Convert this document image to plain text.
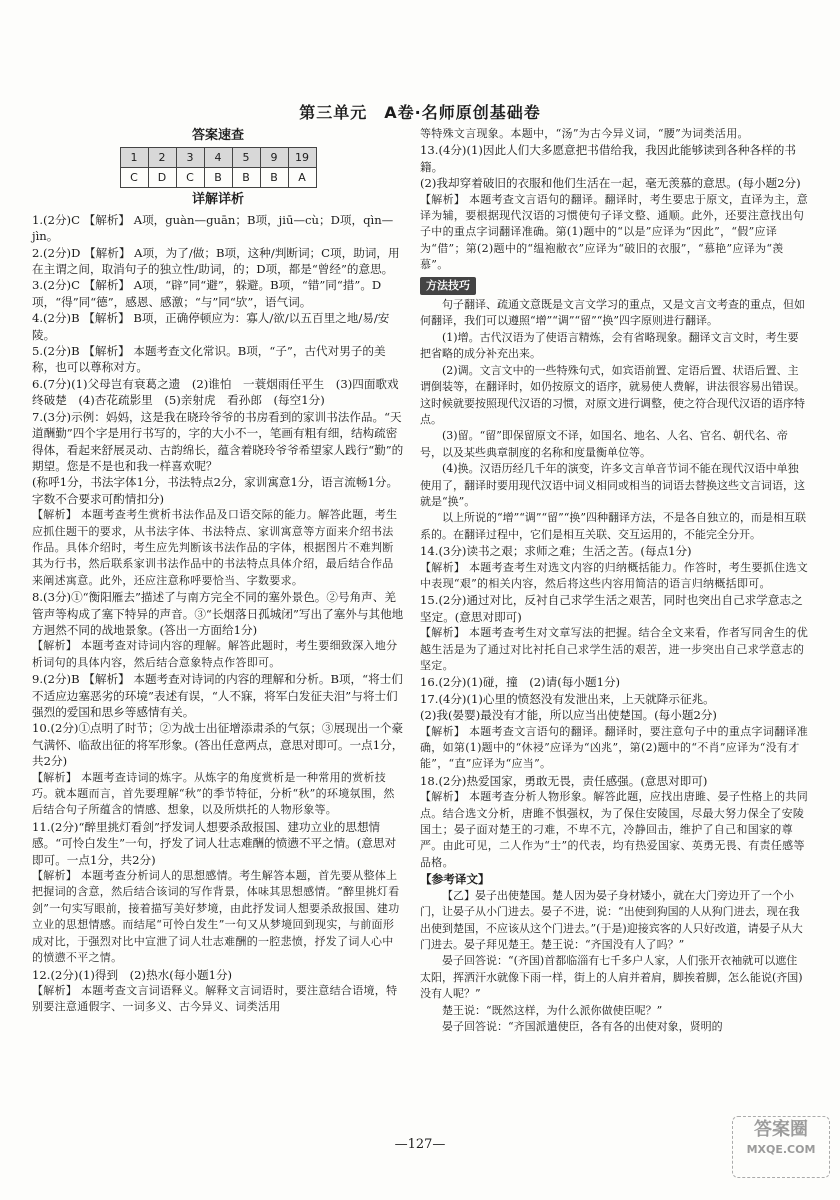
第三单元　A卷·名师原创基础卷
答案速查
1	2	3	4	5	9	19
C	D	C	B	B	B	A
详解详析

1.(2分)C 【解析】 A项，guàn—guān；B项，jiū—cù；D项，qìn—jìn。

2.(2分)D 【解析】 A项，为了/做；B项，这种/判断词；C项，助词，用在主谓之间，取消句子的独立性/助词，的；D项，都是“曾经”的意思。

3.(2分)C 【解析】 A项，“辟”同“避”，躲避。B项，“错”同“措”。D项，“得”同“德”，感恩、感激；“与”同“欤”，语气词。

4.(2分)B 【解析】 B项，正确停顿应为：寡人/欲/以五百里之地/易/安陵。

5.(2分)B 【解析】 本题考查文化常识。B项，“子”，古代对男子的美称，也可以尊称对方。

6.(7分)(1)父母岂有衰葛之遗　(2)谁怕　一蓑烟雨任平生　(3)四面歌戏终破楚　(4)杏花疏影里　(5)亲射虎　看孙郎　(每空1分)

7.(3分)示例：妈妈，这是我在晓玲爷爷的书房看到的家训书法作品。“天道酬勤”四个字是用行书写的，字的大小不一，笔画有粗有细，结构疏密得体，看起来舒展灵动、古韵绵长，蕴含着晓玲爷爷希望家人践行“勤”的期望。您是不是也和我一样喜欢呢？

(称呼1分，书法字体1分，书法特点2分，家训寓意1分，语言流畅1分。字数不合要求可酌情扣分)

【解析】 本题考查考生赏析书法作品及口语交际的能力。解答此题，考生应抓住题干的要求，从书法字体、书法特点、家训寓意等方面来介绍书法作品。具体介绍时，考生应先判断该书法作品的字体，根据图片不难判断其为行书，然后联系家训书法作品中的书法特点具体介绍，最后结合作品来阐述寓意。此外，还应注意称呼要恰当、字数要求。

8.(3分)①“衡阳雁去”描述了与南方完全不同的塞外景色。②号角声、羌管声等构成了塞下特异的声音。③“长烟落日孤城闭”写出了塞外与其他地方迥然不同的战地景象。(答出一方面给1分)

【解析】 本题考查对诗词内容的理解。解答此题时，考生要细致深入地分析词句的具体内容，然后结合意象特点作答即可。

9.(2分)B 【解析】 本题考查对诗词的内容的理解和分析。B项，“将士们不适应边塞恶劣的环境”表述有误，“人不寐，将军白发征夫泪”与将士们强烈的爱国和思乡等感情有关。

10.(2分)①点明了时节；②为战士出征增添肃杀的气氛；③展现出一个豪气满怀、临敌出征的将军形象。(答出任意两点，意思对即可。一点1分，共2分)

【解析】 本题考查诗词的炼字。从炼字的角度赏析是一种常用的赏析技巧。就本题而言，首先要理解“秋”的季节特征，分析“秋”的环境氛围，然后结合句子所蕴含的情感、想象，以及所烘托的人物形象等。

11.(2分)“醉里挑灯看剑”抒发词人想要杀敌报国、建功立业的思想情感。“可怜白发生”一句，抒发了词人壮志难酬的愤懑不平之情。(意思对即可。一点1分，共2分)

【解析】 本题考查分析词人的思想感情。考生解答本题，首先要从整体上把握词的含意，然后结合该词的写作背景，体味其思想感情。“醉里挑灯看剑”一句实写眼前，接着描写美好梦境，由此抒发词人想要杀敌报国、建功立业的思想情感。而结尾“可怜白发生”一句又从梦境回到现实，与前面形成对比，于强烈对比中宣泄了词人壮志难酬的一腔悲愤，抒发了词人心中的愤懑不平之情。

12.(2分)(1)得到　(2)热水(每小题1分)

【解析】 本题考查文言词语释义。解释文言词语时，要注意结合语境，特别要注意通假字、一词多义、古今异义、词类活用

等特殊文言现象。本题中，“汤”为古今异义词，“腰”为词类活用。

13.(4分)(1)因此人们大多愿意把书借给我，我因此能够读到各种各样的书籍。

(2)我却穿着破旧的衣服和他们生活在一起，毫无羡慕的意思。(每小题2分)

【解析】 本题考查文言语句的翻译。翻译时，考生要忠于原文，直译为主，意译为辅，要根据现代汉语的习惯使句子译文整、通顺。此外，还要注意找出句子中的重点字词翻译准确。第(1)题中的“以是”应译为“因此”，“假”应译为“借”；第(2)题中的“缊袍敝衣”应译为“破旧的衣服”，“慕艳”应译为“羡慕”。

方法技巧

句子翻译、疏通文意既是文言文学习的重点，又是文言文考查的重点，但如何翻译，我们可以遵照“增”“调”“留”“换”四字原则进行翻译。

(1)增。古代汉语为了使语言精炼，会有省略现象。翻译文言文时，考生要把省略的成分补充出来。

(2)调。文言文中的一些特殊句式，如宾语前置、定语后置、状语后置、主谓倒装等，在翻译时，如仍按原文的语序，就易使人费解，讲法很容易出错误。这时候就要按照现代汉语的习惯，对原文进行调整，使之符合现代汉语的语序特点。

(3)留。“留”即保留原文不译，如国名、地名、人名、官名、朝代名、帝号，以及某些典章制度的名称和度量衡单位等。

(4)换。汉语历经几千年的演变，许多文言单音节词不能在现代汉语中单独使用了，翻译时要用现代汉语中词义相同或相当的词语去替换这些文言词语，这就是“换”。

以上所说的“增”“调”“留”“换”四种翻译方法，不是各自独立的，而是相互联系的。在翻译过程中，它们是相互关联、交互运用的，不能完全分开。

14.(3分)读书之艰；求师之难；生活之苦。(每点1分)

【解析】 本题考查考生对选文内容的归纳概括能力。作答时，考生要抓住选文中表现“艰”的相关内容，然后将这些内容用简洁的语言归纳概括即可。

15.(2分)通过对比，反衬自己求学生活之艰苦，同时也突出自己求学意志之坚定。(意思对即可)

【解析】 本题考查考生对文章写法的把握。结合全文来看，作者写同舍生的优越生活是为了通过对比衬托自己求学生活的艰苦，进一步突出自己求学意志的坚定。

16.(2分)(1)碰，撞　(2)请(每小题1分)

17.(4分)(1)心里的愤怒没有发泄出来，上天就降示征兆。

(2)我(晏婴)最没有才能，所以应当出使楚国。(每小题2分)

【解析】 本题考查文言语句的翻译。翻译时，要注意句子中的重点字词翻译准确，如第(1)题中的“休祲”应译为“凶兆”，第(2)题中的“不肖”应译为“没有才能”，“直”应译为“应当”。

18.(2分)热爱国家，勇敢无畏，责任感强。(意思对即可)

【解析】 本题考查分析人物形象。解答此题，应找出唐雎、晏子性格上的共同点。结合选文分析，唐雎不惧强权，为了保住安陵国，尽最大努力保全了安陵国土；晏子面对楚王的刁难，不卑不亢，冷静回击，维护了自己和国家的尊严。由此可见，二人作为“士”的代表，均有热爱国家、英勇无畏、有责任感等品格。

【参考译文】

【乙】晏子出使楚国。楚人因为晏子身材矮小，就在大门旁边开了一个小门，让晏子从小门进去。晏子不进，说：“出使到狗国的人从狗门进去，现在我出使到楚国，不应该从这个门进去。”(于是)迎接宾客的人只好改道，请晏子从大门进去。晏子拜见楚王。楚王说：“齐国没有人了吗？”

晏子回答说：“(齐国)首都临淄有七千多户人家，人们张开衣袖就可以遮住太阳，挥洒汗水就像下雨一样，街上的人肩并着肩，脚挨着脚，怎么能说(齐国)没有人呢？”

楚王说：“既然这样，为什么派你做使臣呢？”

晏子回答说：“齐国派遣使臣，各有各的出使对象，贤明的

—127—
答案圈
MXQE.COM
